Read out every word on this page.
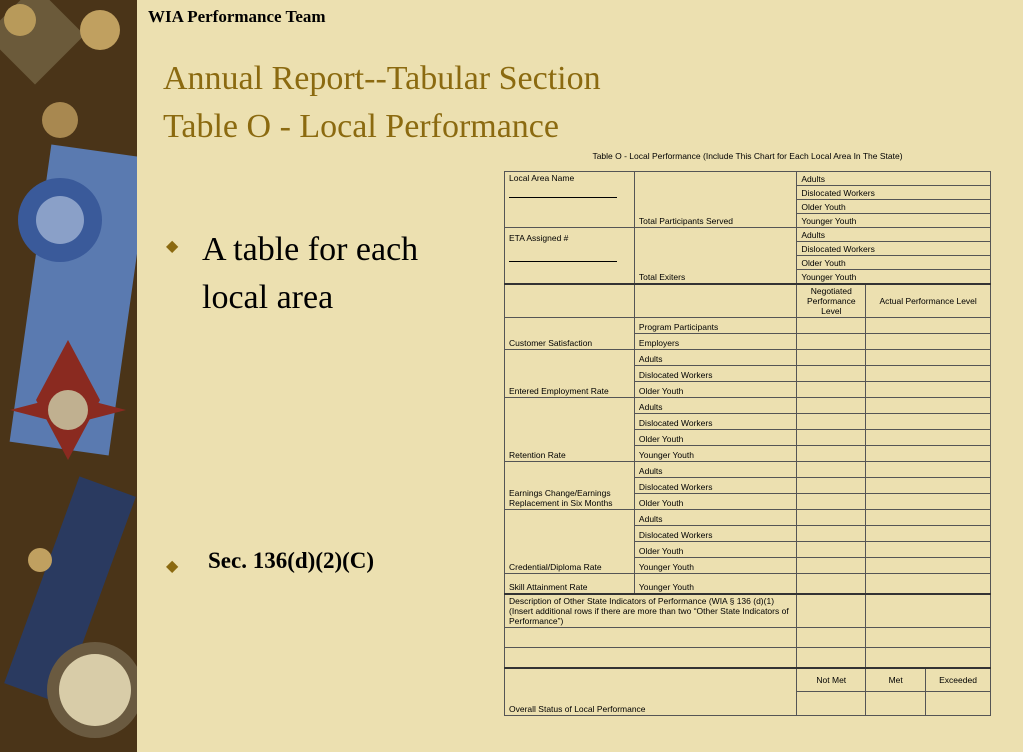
WIA Performance Team
Annual Report--Tabular Section
Table O - Local Performance
◆ A table for each local area
◆ Sec. 136(d)(2)(C)
Table O - Local Performance (Include This Chart for Each Local Area In The State)
Local Area Name	Total Participants Served	Adults		
		Dislocated Workers		
		Older Youth		
		Younger Youth		

ETA Assigned #	Total Exiters	Adults		
		Dislocated Workers		
		Older Youth		
		Younger Youth		
		Negotiated Performance Level	Actual Performance Level	
Customer Satisfaction	Program Participants			
	Employers			
Entered Employment Rate	Adults			
	Dislocated Workers			
	Older Youth			
Retention Rate	Adults			
	Dislocated Workers			
	Older Youth			
	Younger Youth			
Earnings Change/Earnings Replacement in Six Months	Adults			
	Dislocated Workers			
	Older Youth			
Credential/Diploma Rate	Adults			
	Dislocated Workers			
	Older Youth			
	Younger Youth			
Skill Attainment Rate	Younger Youth			
Description of Other State Indicators of Performance (WIA § 136 (d)(1) (Insert additional rows if there are more than two “Other State Indicators of Performance”)				

Overall Status of Local Performance		Not Met	Met	Exceeded
